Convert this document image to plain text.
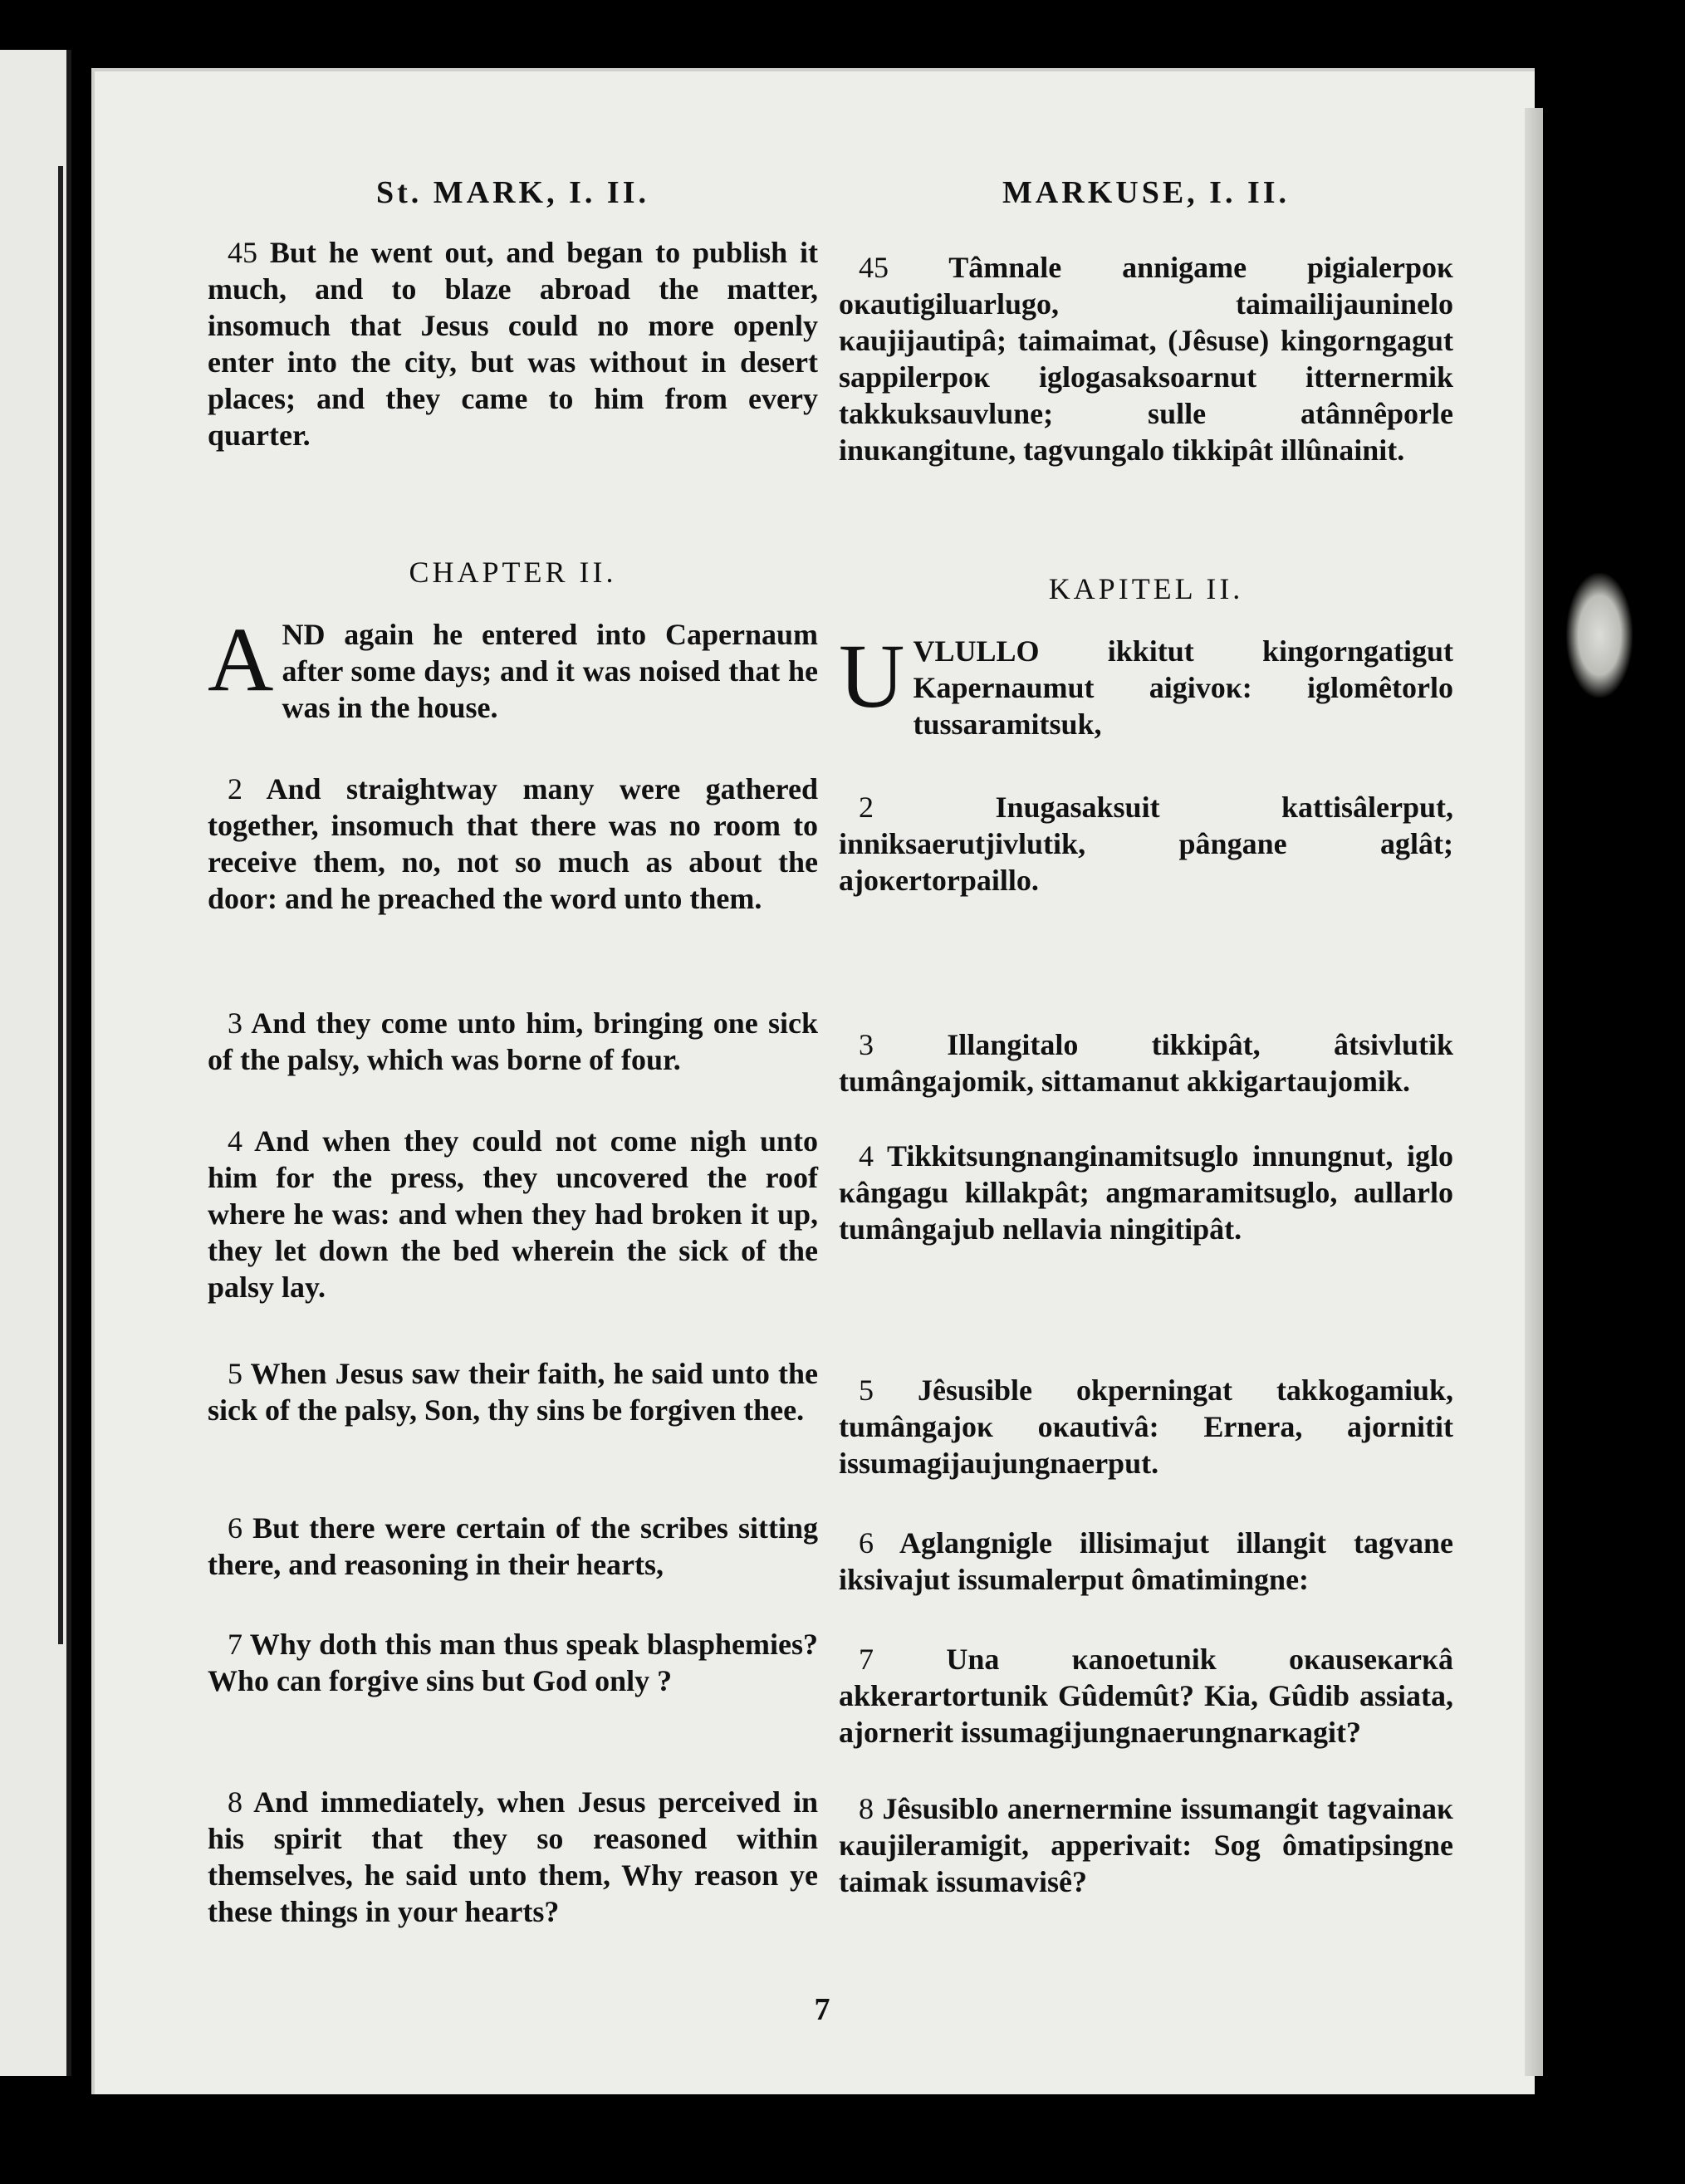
St. MARK, I. II.	MARKUSE, I. II.

45 But he went out, and began to publish it much, and to blaze abroad the matter, insomuch that Jesus could no more openly enter into the city, but was without in desert places; and they came to him from every quarter.

CHAPTER II.

A ND again he entered into Capernaum after some days; and it was noised that he was in the house.

2 And straightway many were gathered together, insomuch that there was no room to receive them, no, not so much as about the door: and he preached the word unto them.

3 And they come unto him, bringing one sick of the palsy, which was borne of four.

4 And when they could not come nigh unto him for the press, they uncovered the roof where he was: and when they had broken it up, they let down the bed wherein the sick of the palsy lay.

5 When Jesus saw their faith, he said unto the sick of the palsy, Son, thy sins be forgiven thee.

6 But there were certain of the scribes sitting there, and reasoning in their hearts,

7 Why doth this man thus speak blasphemies? Who can forgive sins but God only ?

8 And immediately, when Jesus perceived in his spirit that they so reasoned within themselves, he said unto them, Why reason ye these things in your hearts?

45 Tâmnale annigame pigialerpoκ oκautigiluarlugo, taimailijauninelo κaujijautipâ; taimaimat, (Jêsuse) kingorngagut sappilerpoκ iglogasaksoarnut itternermik takkuksauvlune; sulle atânnêporle inuκangitune, tagvungalo tikkipât illûnainit.

KAPITEL II.

U VLULLO ikkitut kingorngatigut Kapernaumut aigivoκ: iglomêtorlo tussaramitsuk,

2	Inugasaksuit kattisâlerput, inniksaerutjivlutik, pângane aglât; ajoκertorpaillo.

3 Illangitalo tikkipât, âtsivlutik tumângajomik, sittamanut akkigartaujomik.

4 Tikkitsungnanginamitsuglo innungnut, iglo κângagu killakpât; angmaramitsuglo, aullarlo tumângajub nellavia ningitipât.

5 Jêsusible okperningat takkogamiuk, tumângajoκ oκautivâ: Ernera, ajornitit issumagijaujungnaerput.

6 Aglangnigle illisimajut illangit tagvane iksivajut issumalerput ômatimingne:

7 Una κanoetunik oκauseκarκâ akkerartortunik Gûdemût? Kia, Gûdib assiata, ajornerit issumagijungnaerungnarκagit?

8 Jêsusiblo anernermine issumangit tagvainaκ κaujileramigit, apperivait: Sog ômatipsingne taimak issumavisê?

7
